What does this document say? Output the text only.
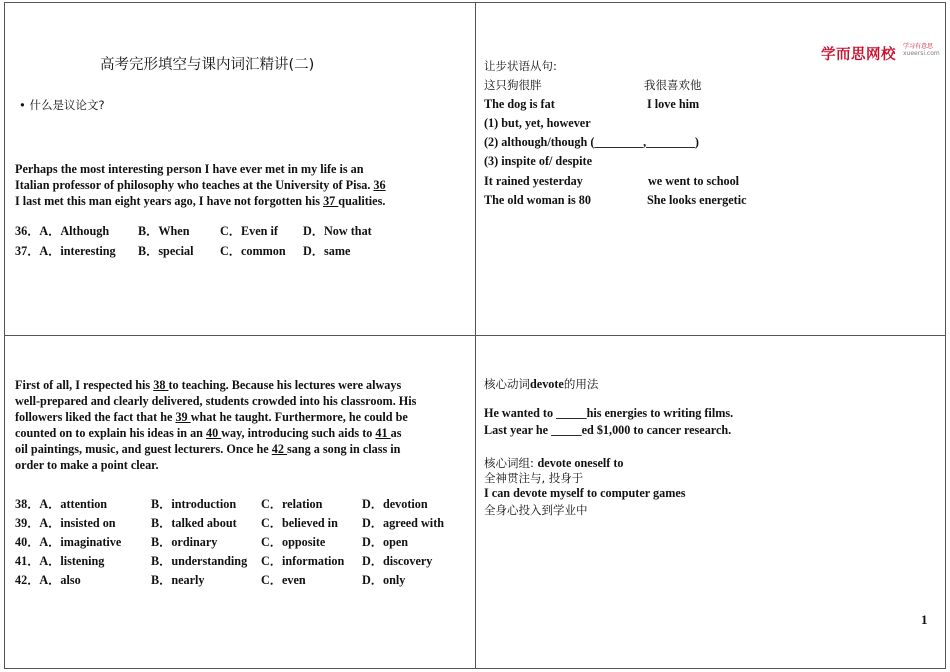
高考完形填空与课内词汇精讲(二)
• 什么是议论文?
Perhaps the most interesting person I have ever met in my life is an
Italian professor of philosophy who teaches at the University of Pisa. 36
I last met this man eight years ago, I have not forgotten his 37 qualities.
36．A．Although B．When	C．Even if D．Now that
37．A．interesting B．special C．common D．same
学而思网校
学习有意思
xueersi.com
让步状语从句:
这只狗很胖	我很喜欢他
The dog is fat	I love him
(1) but, yet, however
(2) although/though (________,________)
(3) inspite of/ despite
It rained yesterday	we went to school
The old woman is 80	She looks energetic
First of all, I respected his 38 to teaching. Because his lectures were always
well-prepared and clearly delivered, students crowded into his classroom. His
followers liked the fact that he 39 what he taught. Furthermore, he could be
counted on to explain his ideas in an 40 way, introducing such aids to 41 as
oil paintings, music, and guest lecturers. Once he 42 sang a song in class in
order to make a point clear.
38．A．attention	B．introduction C．relation	D．devotion
39．A．insisted on	B．talked about C．believed in D．agreed with
40．A．imaginative B．ordinary	C．opposite	D．open
41．A．listening	B．understanding C．information D．discovery
42．A．also	B．nearly	C．even	D．only
核心动词devote的用法
He wanted to _____his energies to writing films.
Last year he _____ed $1,000 to cancer research.
核心词组: devote oneself to
全神贯注与, 投身于
I can devote myself to computer games
全身心投入到学业中
1
